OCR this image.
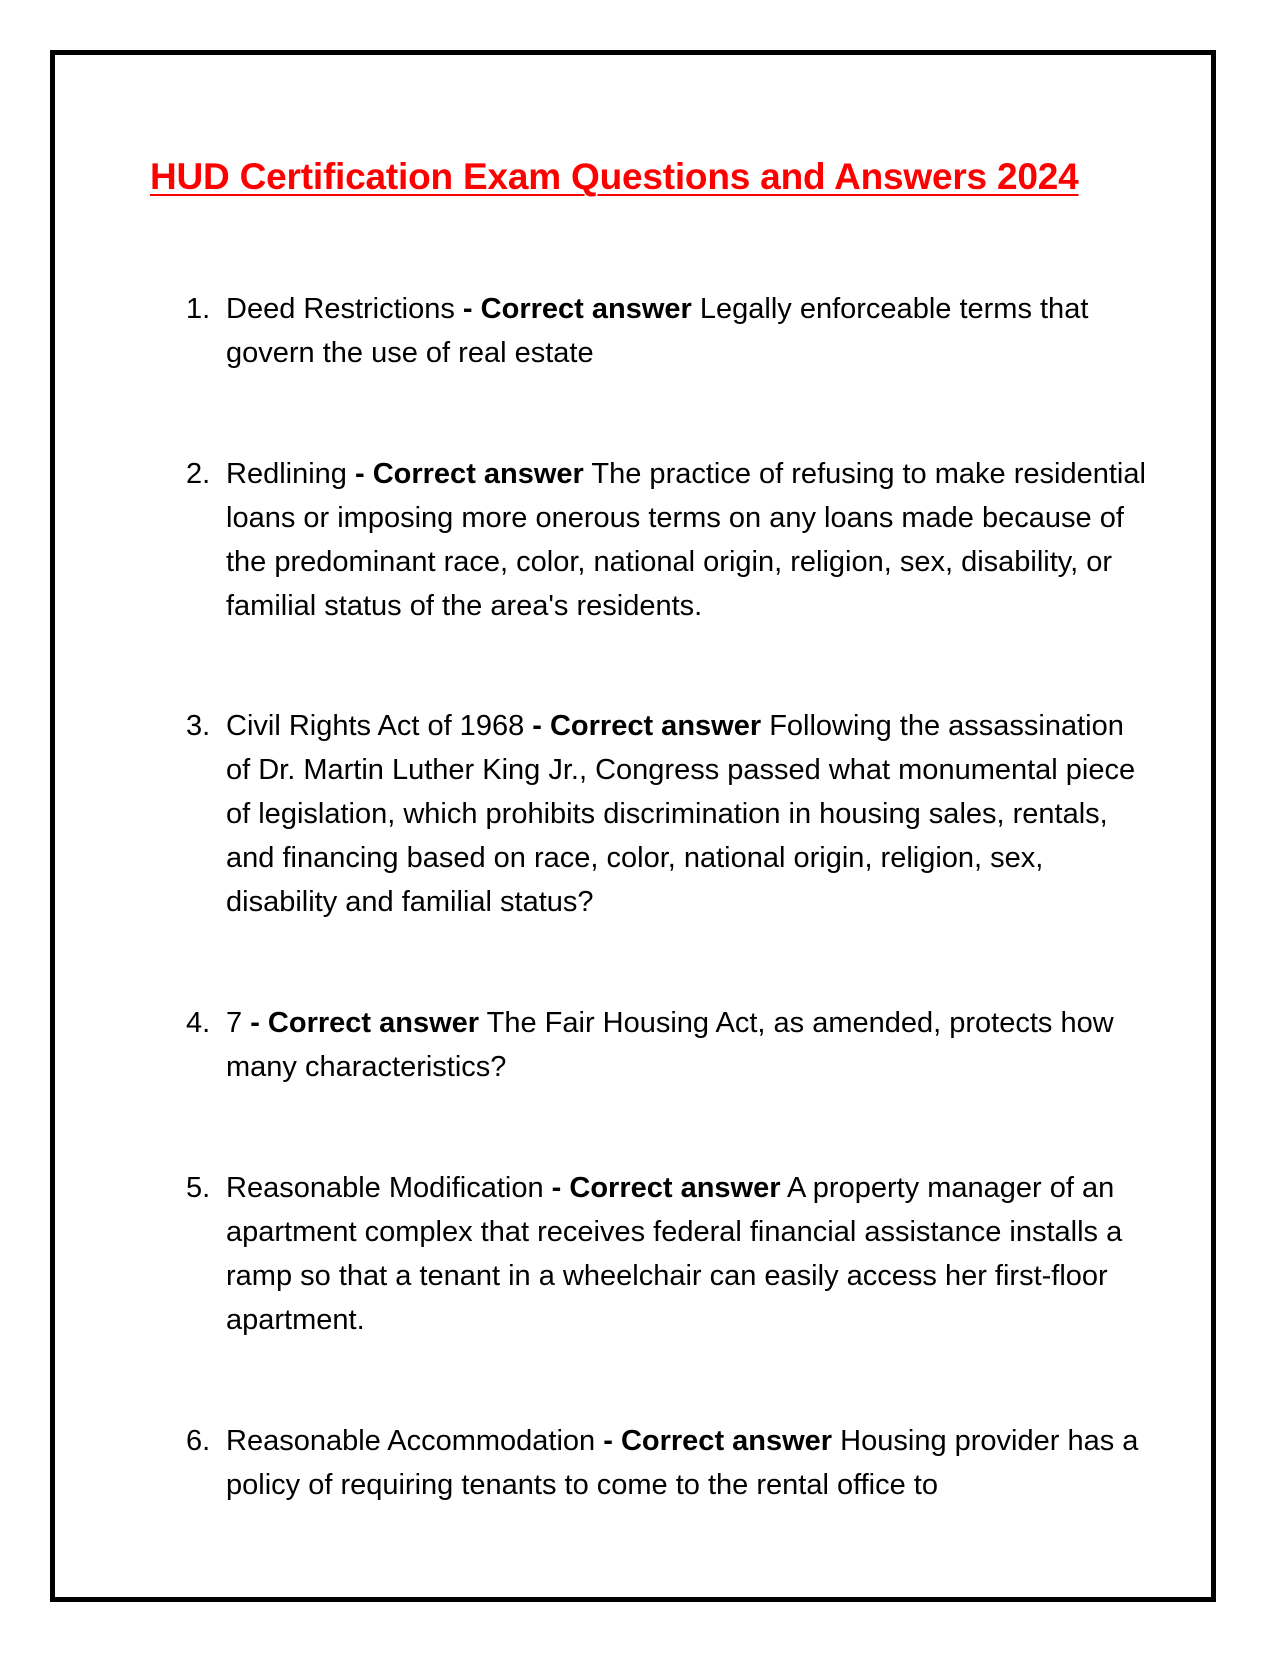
HUD Certification Exam Questions and Answers 2024
1. Deed Restrictions - Correct answer Legally enforceable terms that govern the use of real estate
2. Redlining - Correct answer The practice of refusing to make residential loans or imposing more onerous terms on any loans made because of the predominant race, color, national origin, religion, sex, disability, or familial status of the area's residents.
3. Civil Rights Act of 1968 - Correct answer Following the assassination of Dr. Martin Luther King Jr., Congress passed what monumental piece of legislation, which prohibits discrimination in housing sales, rentals, and financing based on race, color, national origin, religion, sex, disability and familial status?
4. 7 - Correct answer The Fair Housing Act, as amended, protects how many characteristics?
5. Reasonable Modification - Correct answer A property manager of an apartment complex that receives federal financial assistance installs a ramp so that a tenant in a wheelchair can easily access her first-floor apartment.
6. Reasonable Accommodation - Correct answer Housing provider has a policy of requiring tenants to come to the rental office to
